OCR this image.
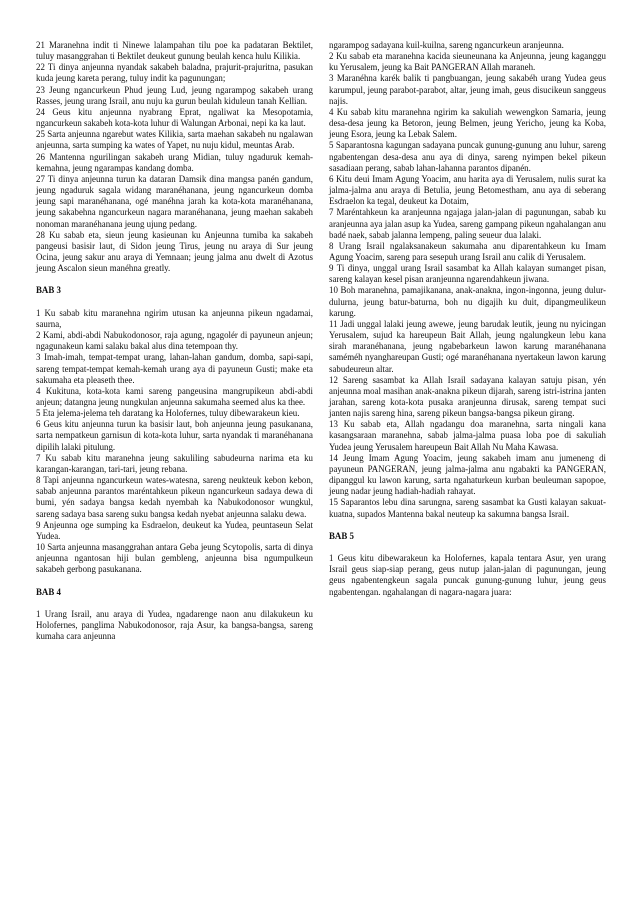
21 Maranehna indit ti Ninewe lalampahan tilu poe ka padataran Bektilet, tuluy masanggrahan ti Bektilet deukeut gunung beulah kenca hulu Kilikia.

22 Ti dinya anjeunna nyandak sakabeh baladna, prajurit-prajuritna, pasukan kuda jeung kareta perang, tuluy indit ka pagunungan;

23 Jeung ngancurkeun Phud jeung Lud, jeung ngarampog sakabeh urang Rasses, jeung urang Israil, anu nuju ka gurun beulah kiduleun tanah Kellian.

24 Geus kitu anjeunna nyabrang Eprat, ngaliwat ka Mesopotamia, ngancurkeun sakabeh kota-kota luhur di Walungan Arbonai, nepi ka ka laut.

25 Sarta anjeunna ngarebut wates Kilikia, sarta maehan sakabeh nu ngalawan anjeunna, sarta sumping ka wates of Yapet, nu nuju kidul, meuntas Arab.

26 Mantenna ngurilingan sakabeh urang Midian, tuluy ngaduruk kemah-kemahna, jeung ngarampas kandang domba.

27 Ti dinya anjeunna turun ka dataran Damsik dina mangsa panén gandum, jeung ngaduruk sagala widang maranéhanana, jeung ngancurkeun domba jeung sapi maranéhanana, ogé manéhna jarah ka kota-kota maranéhanana, jeung sakabehna ngancurkeun nagara maranéhanana, jeung maehan sakabeh nonoman maranéhanana jeung ujung pedang.

28 Ku sabab eta, sieun jeung kasieunan ku Anjeunna tumiba ka sakabeh pangeusi basisir laut, di Sidon jeung Tirus, jeung nu araya di Sur jeung Ocina, jeung sakur anu araya di Yemnaan; jeung jalma anu dwelt di Azotus jeung Ascalon sieun manéhna greatly.

BAB 3

1 Ku sabab kitu maranehna ngirim utusan ka anjeunna pikeun ngadamai, saurna,

2 Kami, abdi-abdi Nabukodonosor, raja agung, ngagolér di payuneun anjeun; ngagunakeun kami salaku bakal alus dina tetempoan thy.

3 Imah-imah, tempat-tempat urang, lahan-lahan gandum, domba, sapi-sapi, sareng tempat-tempat kemah-kemah urang aya di payuneun Gusti; make eta sakumaha eta pleaseth thee.

4 Kukituna, kota-kota kami sareng pangeusina mangrupikeun abdi-abdi anjeun; datangna jeung nungkulan anjeunna sakumaha seemed alus ka thee.

5 Eta jelema-jelema teh daratang ka Holofernes, tuluy dibewarakeun kieu.

6 Geus kitu anjeunna turun ka basisir laut, boh anjeunna jeung pasukanana, sarta nempatkeun garnisun di kota-kota luhur, sarta nyandak ti maranéhanana dipilih lalaki pitulung.

7 Ku sabab kitu maranehna jeung sakuliling sabudeurna narima eta ku karangan-karangan, tari-tari, jeung rebana.

8 Tapi anjeunna ngancurkeun wates-watesna, sareng neukteuk kebon kebon, sabab anjeunna parantos maréntahkeun pikeun ngancurkeun sadaya dewa di bumi, yén sadaya bangsa kedah nyembah ka Nabukodonosor wungkul, sareng sadaya basa sareng suku bangsa kedah nyebat anjeunna salaku dewa.

9 Anjeunna oge sumping ka Esdraelon, deukeut ka Yudea, peuntaseun Selat Yudea.

10 Sarta anjeunna masanggrahan antara Geba jeung Scytopolis, sarta di dinya anjeunna ngantosan hiji bulan gembleng, anjeunna bisa ngumpulkeun sakabeh gerbong pasukanana.

BAB 4

1 Urang Israil, anu araya di Yudea, ngadarenge naon anu dilakukeun ku Holofernes, panglima Nabukodonosor, raja Asur, ka bangsa-bangsa, sareng kumaha cara anjeunna

ngarampog sadayana kuil-kuilna, sareng ngancurkeun aranjeunna.

2 Ku sabab eta maranehna kacida sieuneunana ka Anjeunna, jeung kaganggu ku Yerusalem, jeung ka Bait PANGERAN Allah maraneh.

3 Maranéhna karék balik ti pangbuangan, jeung sakabéh urang Yudea geus karumpul, jeung parabot-parabot, altar, jeung imah, geus disucikeun sanggeus najis.

4 Ku sabab kitu maranehna ngirim ka sakuliah wewengkon Samaria, jeung desa-desa jeung ka Betoron, jeung Belmen, jeung Yericho, jeung ka Koba, jeung Esora, jeung ka Lebak Salem.

5 Saparantosna kagungan sadayana puncak gunung-gunung anu luhur, sareng ngabentengan desa-desa anu aya di dinya, sareng nyimpen bekel pikeun sasadiaan perang, sabab lahan-lahanna parantos dipanén.

6 Kitu deui Imam Agung Yoacim, anu harita aya di Yerusalem, nulis surat ka jalma-jalma anu araya di Betulia, jeung Betomestham, anu aya di seberang Esdraelon ka tegal, deukeut ka Dotaim,

7 Maréntahkeun ka aranjeunna ngajaga jalan-jalan di pagunungan, sabab ku aranjeunna aya jalan asup ka Yudea, sareng gampang pikeun ngahalangan anu badé naek, sabab jalanna lempeng, paling seueur dua lalaki.

8 Urang Israil ngalaksanakeun sakumaha anu diparentahkeun ku Imam Agung Yoacim, sareng para sesepuh urang Israil anu calik di Yerusalem.

9 Ti dinya, unggal urang Israil sasambat ka Allah kalayan sumanget pisan, sareng kalayan kesel pisan aranjeunna ngarendahkeun jiwana.

10 Boh maranehna, pamajikanana, anak-anakna, ingon-ingonna, jeung dulur-dulurna, jeung batur-baturna, boh nu digajih ku duit, dipangmeulikeun karung.

11 Jadi unggal lalaki jeung awewe, jeung barudak leutik, jeung nu nyicingan Yerusalem, sujud ka hareupeun Bait Allah, jeung ngalungkeun lebu kana sirah maranéhanana, jeung ngabebarkeun lawon karung maranéhanana saméméh nyanghareupan Gusti; ogé maranéhanana nyertakeun lawon karung sabudeureun altar.

12 Sareng sasambat ka Allah Israil sadayana kalayan satuju pisan, yén anjeunna moal masihan anak-anakna pikeun dijarah, sareng istri-istrina janten jarahan, sareng kota-kota pusaka aranjeunna dirusak, sareng tempat suci janten najis sareng hina, sareng pikeun bangsa-bangsa pikeun girang.

13 Ku sabab eta, Allah ngadangu doa maranehna, sarta ningali kana kasangsaraan maranehna, sabab jalma-jalma puasa loba poe di sakuliah Yudea jeung Yerusalem hareupeun Bait Allah Nu Maha Kawasa.

14 Jeung Imam Agung Yoacim, jeung sakabeh imam anu jumeneng di payuneun PANGERAN, jeung jalma-jalma anu ngabakti ka PANGERAN, dipanggul ku lawon karung, sarta ngahaturkeun kurban beuleuman sapopoe, jeung nadar jeung hadiah-hadiah rahayat.

15 Saparantos lebu dina sarungna, sareng sasambat ka Gusti kalayan sakuat-kuatna, supados Mantenna bakal neuteup ka sakumna bangsa Israil.

BAB 5

1 Geus kitu dibewarakeun ka Holofernes, kapala tentara Asur, yen urang Israil geus siap-siap perang, geus nutup jalan-jalan di pagunungan, jeung geus ngabentengkeun sagala puncak gunung-gunung luhur, jeung geus ngabentengan. ngahalangan di nagara-nagara juara:
